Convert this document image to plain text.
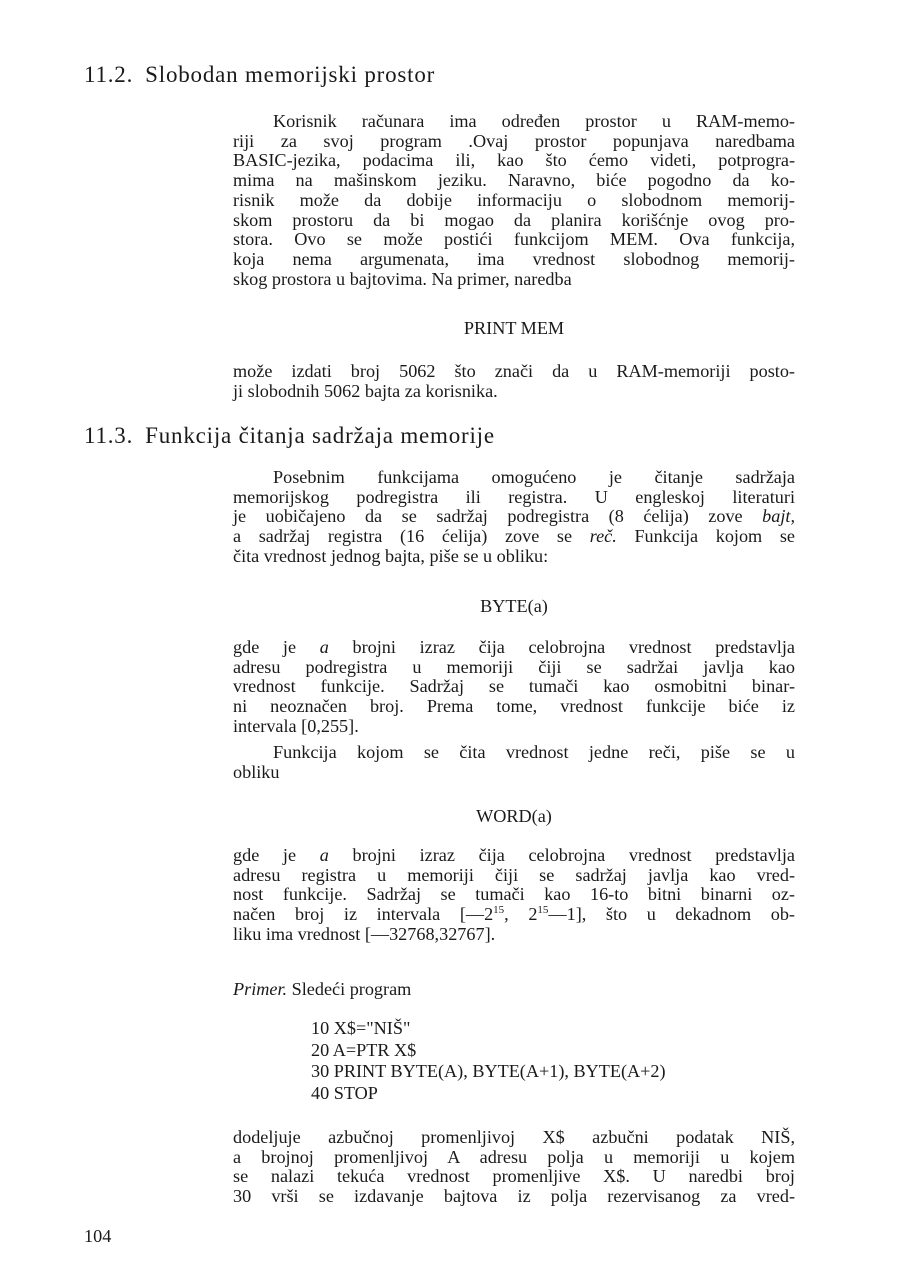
11.2. Slobodan memorijski prostor
Korisnik računara ima određen prostor u RAM-memo-
riji za svoj program .Ovaj prostor popunjava naredbama
BASIC-jezika, podacima ili, kao što ćemo videti, potprogra-
mima na mašinskom jeziku. Naravno, biće pogodno da ko-
risnik može da dobije informaciju o slobodnom memorij-
skom prostoru da bi mogao da planira korišćnje ovog pro-
stora. Ovo se može postići funkcijom MEM. Ova funkcija,
koja nema argumenata, ima vrednost slobodnog memorij-
skog prostora u bajtovima. Na primer, naredba
PRINT MEM
može izdati broj 5062 što znači da u RAM-memoriji posto-
ji slobodnih 5062 bajta za korisnika.
11.3. Funkcija čitanja sadržaja memorije
Posebnim funkcijama omogućeno je čitanje sadržaja
memorijskog podregistra ili registra. U engleskoj literaturi
je uobičajeno da se sadržaj podregistra (8 ćelija) zove bajt,
a sadržaj registra (16 ćelija) zove se reč. Funkcija kojom se
čita vrednost jednog bajta, piše se u obliku:
BYTE(a)
gde je a brojni izraz čija celobrojna vrednost predstavlja
adresu podregistra u memoriji čiji se sadržai javlja kao
vrednost funkcije. Sadržaj se tumači kao osmobitni binar-
ni neoznačen broj. Prema tome, vrednost funkcije biće iz
intervala [0,255].
Funkcija kojom se čita vrednost jedne reči, piše se u
obliku
WORD(a)
gde je a brojni izraz čija celobrojna vrednost predstavlja
adresu registra u memoriji čiji se sadržaj javlja kao vred-
nost funkcije. Sadržaj se tumači kao 16-to bitni binarni oz-
načen broj iz intervala [$—2^{15}$, $2^{15}—1$], što u dekadnom ob-
liku ima vrednost [—32768,32767].
Primer. Sledeći program
10 X$="NIŠ"
20 A=PTR X$
30 PRINT BYTE(A), BYTE(A+1), BYTE(A+2)
40 STOP
dodeljuje azbučnoj promenljivoj X$ azbučni podatak NIŠ,
a brojnoj promenljivoj A adresu polja u memoriji u kojem
se nalazi tekuća vrednost promenljive X$. U naredbi broj
30 vrši se izdavanje bajtova iz polja rezervisanog za vred-
104
